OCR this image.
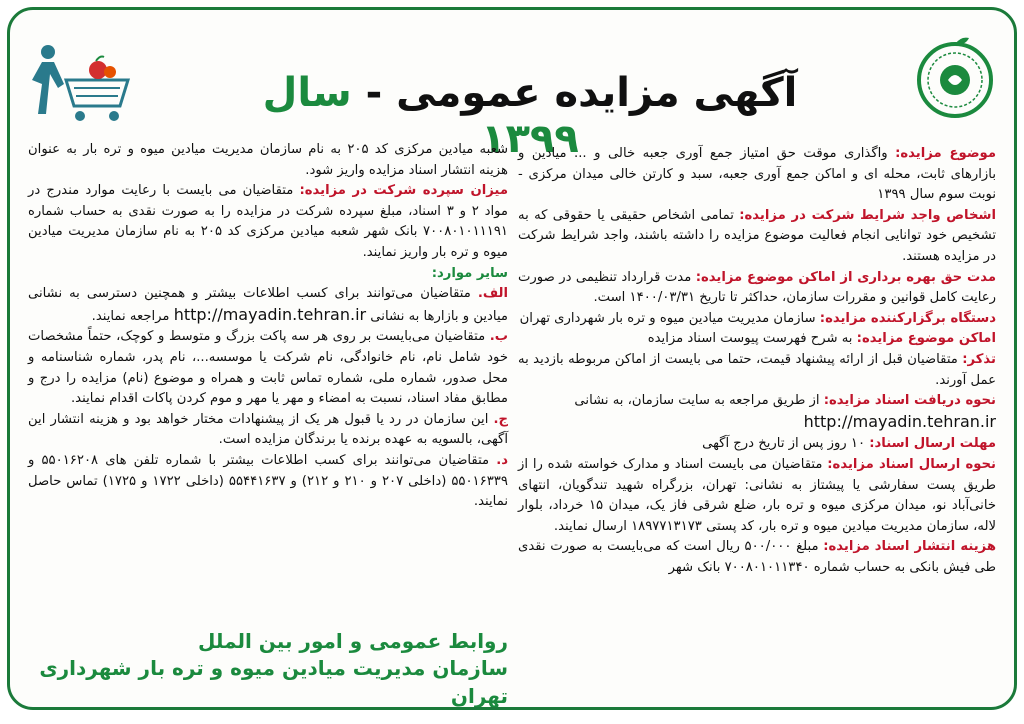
آگهی مزایده عمومی - سال ۱۳۹۹	موضوع مزایده: واگذاری موقت حق امتیاز جمع آوری جعبه خالی و ... میادین و بازارهای ثابت، محله ای و اماکن جمع آوری جعبه، سبد و کارتن خالی میدان مرکزی - نوبت سوم سال ۱۳۹۹

اشخاص واجد شرایط شرکت در مزایده: تمامی اشخاص حقیقی یا حقوقی که به تشخیص خود توانایی انجام فعالیت موضوع مزایده را داشته باشند، واجد شرایط شرکت در مزایده هستند.

مدت حق بهره برداری از اماکن موضوع مزایده: مدت قرارداد تنظیمی در صورت رعایت کامل قوانین و مقررات سازمان، حداکثر تا تاریخ ۱۴۰۰/۰۳/۳۱ است.

دستگاه برگزارکننده مزایده: سازمان مدیریت میادین میوه و تره بار شهرداری تهران

اماکن موضوع مزایده: به شرح فهرست پیوست اسناد مزایده

تذکر: متقاضیان قبل از ارائه پیشنهاد قیمت، حتما می بایست از اماکن مربوطه بازدید به عمل آورند.

نحوه دریافت اسناد مزایده: از طریق مراجعه به سایت سازمان، به نشانی

http://mayadin.tehran.ir

مهلت ارسال اسناد: ۱۰ روز پس از تاریخ درج آگهی

نحوه ارسال اسناد مزایده: متقاضیان می بایست اسناد و مدارک خواسته شده را از طریق پست سفارشی یا پیشتاز به نشانی: تهران، بزرگراه شهید تندگویان، انتهای خانی‌آباد نو، میدان مرکزی میوه و تره بار، ضلع شرقی فاز یک، میدان ۱۵ خرداد، بلوار لاله، سازمان مدیریت میادین میوه و تره بار، کد پستی ۱۸۹۷۷۱۳۱۷۳ ارسال نمایند.

هزینه انتشار اسناد مزایده: مبلغ ۵۰۰/۰۰۰ ریال است که می‌بایست به صورت نقدی طی فیش بانکی به حساب شماره ۷۰۰۸۰۱۰۱۱۳۴۰ بانک شهر

شعبه میادین مرکزی کد ۲۰۵ به نام سازمان مدیریت میادین میوه و تره بار به عنوان هزینه انتشار اسناد مزایده واریز شود.

میزان سپرده شرکت در مزایده: متقاضیان می بایست با رعایت موارد مندرج در مواد ۲ و ۳ اسناد، مبلغ سپرده شرکت در مزایده را به صورت نقدی به حساب شماره ۷۰۰۸۰۱۰۱۱۱۹۱ بانک شهر شعبه میادین مرکزی کد ۲۰۵ به نام سازمان مدیریت میادین میوه و تره بار واریز نمایند.

سایر موارد:

الف. متقاضیان می‌توانند برای کسب اطلاعات بیشتر و همچنین دسترسی به نشانی میادین و بازارها به نشانی http://mayadin.tehran.ir مراجعه نمایند.

ب. متقاضیان می‌بایست بر روی هر سه پاکت بزرگ و متوسط و کوچک، حتماً مشخصات خود شامل نام، نام خانوادگی، نام شرکت یا موسسه...، نام پدر، شماره شناسنامه و محل صدور، شماره ملی، شماره تماس ثابت و همراه و موضوع (نام) مزایده را درج و مطابق مفاد اسناد، نسبت به امضاء و مهر یا مهر و موم کردن پاکات اقدام نمایند.

ج. این سازمان در رد یا قبول هر یک از پیشنهادات مختار خواهد بود و هزینه انتشار این آگهی، بالسویه به عهده برنده یا برندگان مزایده است.

د. متقاضیان می‌توانند برای کسب اطلاعات بیشتر با شماره تلفن های ۵۵۰۱۶۲۰۸ و ۵۵۰۱۶۳۳۹ (داخلی ۲۰۷ و ۲۱۰ و ۲۱۲) و ۵۵۴۴۱۶۳۷ (داخلی ۱۷۲۲ و ۱۷۲۵) تماس حاصل نمایند.

روابط عمومی و امور بین الملل
سازمان مدیریت میادین میوه و تره بار شهرداری تهران
